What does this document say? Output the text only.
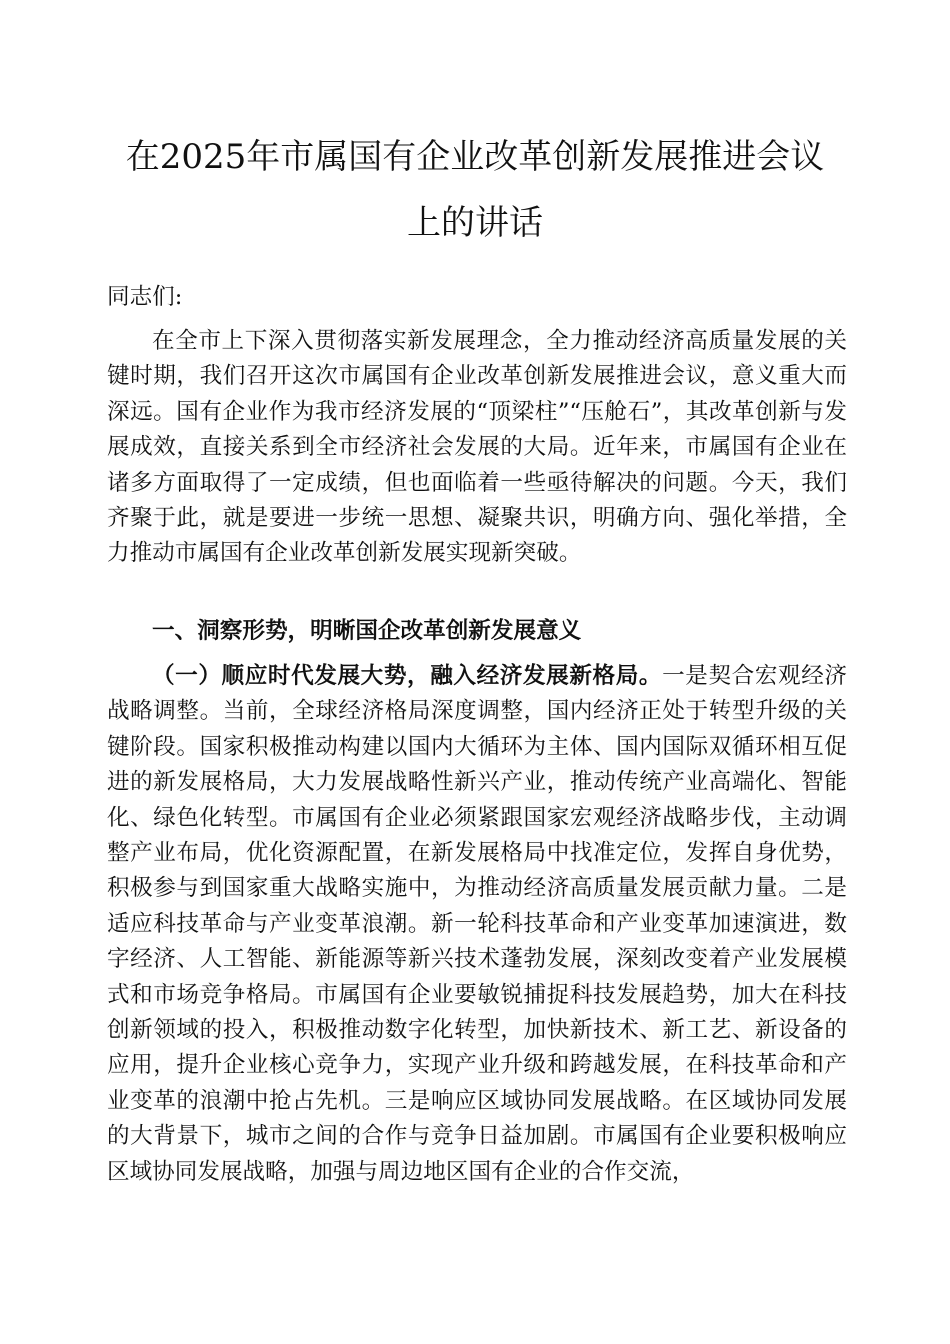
在2025年市属国有企业改革创新发展推进会议
上的讲话

同志们:

在全市上下深入贯彻落实新发展理念，全力推动经济高质量发展的关键时期，我们召开这次市属国有企业改革创新发展推进会议，意义重大而深远。国有企业作为我市经济发展的“顶梁柱”“压舱石”，其改革创新与发展成效，直接关系到全市经济社会发展的大局。近年来，市属国有企业在诸多方面取得了一定成绩，但也面临着一些亟待解决的问题。今天，我们齐聚于此，就是要进一步统一思想、凝聚共识，明确方向、强化举措，全力推动市属国有企业改革创新发展实现新突破。

一、洞察形势，明晰国企改革创新发展意义

（一）顺应时代发展大势，融入经济发展新格局。一是契合宏观经济战略调整。当前，全球经济格局深度调整，国内经济正处于转型升级的关键阶段。国家积极推动构建以国内大循环为主体、国内国际双循环相互促进的新发展格局，大力发展战略性新兴产业，推动传统产业高端化、智能化、绿色化转型。市属国有企业必须紧跟国家宏观经济战略步伐，主动调整产业布局，优化资源配置，在新发展格局中找准定位，发挥自身优势，积极参与到国家重大战略实施中，为推动经济高质量发展贡献力量。二是适应科技革命与产业变革浪潮。新一轮科技革命和产业变革加速演进，数字经济、人工智能、新能源等新兴技术蓬勃发展，深刻改变着产业发展模式和市场竞争格局。市属国有企业要敏锐捕捉科技发展趋势，加大在科技创新领域的投入，积极推动数字化转型，加快新技术、新工艺、新设备的应用，提升企业核心竞争力，实现产业升级和跨越发展，在科技革命和产业变革的浪潮中抢占先机。三是响应区域协同发展战略。在区域协同发展的大背景下，城市之间的合作与竞争日益加剧。市属国有企业要积极响应区域协同发展战略，加强与周边地区国有企业的合作交流，
